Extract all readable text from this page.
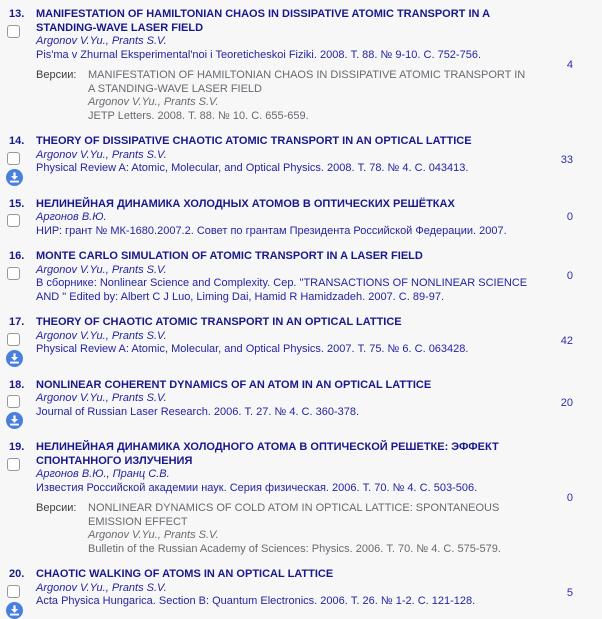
13. MANIFESTATION OF HAMILTONIAN CHAOS IN DISSIPATIVE ATOMIC TRANSPORT IN A STANDING-WAVE LASER FIELD
Argonov V.Yu., Prants S.V.
Pis'ma v Zhurnal Eksperimental'noi i Teoreticheskoi Fiziki. 2008. Т. 88. № 9-10. С. 752-756.
Версии:	MANIFESTATION OF HAMILTONIAN CHAOS IN DISSIPATIVE ATOMIC TRANSPORT IN A STANDING-WAVE LASER FIELD
Argonov V.Yu., Prants S.V.
JETP Letters. 2008. Т. 88. № 10. С. 655-659.
4
14. THEORY OF DISSIPATIVE CHAOTIC ATOMIC TRANSPORT IN AN OPTICAL LATTICE
Argonov V.Yu., Prants S.V.
Physical Review A: Atomic, Molecular, and Optical Physics. 2008. Т. 78. № 4. С. 043413.
33
15. НЕЛИНЕЙНАЯ ДИНАМИКА ХОЛОДНЫХ АТОМОВ В ОПТИЧЕСКИХ РЕШЁТКАХ
Аргонов В.Ю.
НИР: грант № МК-1680.2007.2. Совет по грантам Президента Российской Федерации. 2007.
0
16. MONTE CARLO SIMULATION OF ATOMIC TRANSPORT IN A LASER FIELD
Argonov V.Yu., Prants S.V.
В сборнике: Nonlinear Science and Complexity. Сер. "TRANSACTIONS OF NONLINEAR SCIENCE AND " Edited by: Albert C J Luo, Liming Dai, Hamid R Hamidzadeh. 2007. С. 89-97.
0
17. THEORY OF CHAOTIC ATOMIC TRANSPORT IN AN OPTICAL LATTICE
Argonov V.Yu., Prants S.V.
Physical Review A: Atomic, Molecular, and Optical Physics. 2007. Т. 75. № 6. С. 063428.
42
18. NONLINEAR COHERENT DYNAMICS OF AN ATOM IN AN OPTICAL LATTICE
Argonov V.Yu., Prants S.V.
Journal of Russian Laser Research. 2006. Т. 27. № 4. С. 360-378.
20
19. НЕЛИНЕЙНАЯ ДИНАМИКА ХОЛОДНОГО АТОМА В ОПТИЧЕСКОЙ РЕШЕТКЕ: ЭФФЕКТ СПОНТАННОГО ИЗЛУЧЕНИЯ
Аргонов В.Ю., Пранц С.В.
Известия Российской академии наук. Серия физическая. 2006. Т. 70. № 4. С. 503-506.
Версии:	NONLINEAR DYNAMICS OF COLD ATOM IN OPTICAL LATTICE: SPONTANEOUS EMISSION EFFECT
Argonov V.Yu., Prants S.V.
Bulletin of the Russian Academy of Sciences: Physics. 2006. Т. 70. № 4. С. 575-579.
0
20. CHAOTIC WALKING OF ATOMS IN AN OPTICAL LATTICE
Argonov V.Yu., Prants S.V.
Acta Physica Hungarica. Section B: Quantum Electronics. 2006. Т. 26. № 1-2. С. 121-128.
5
